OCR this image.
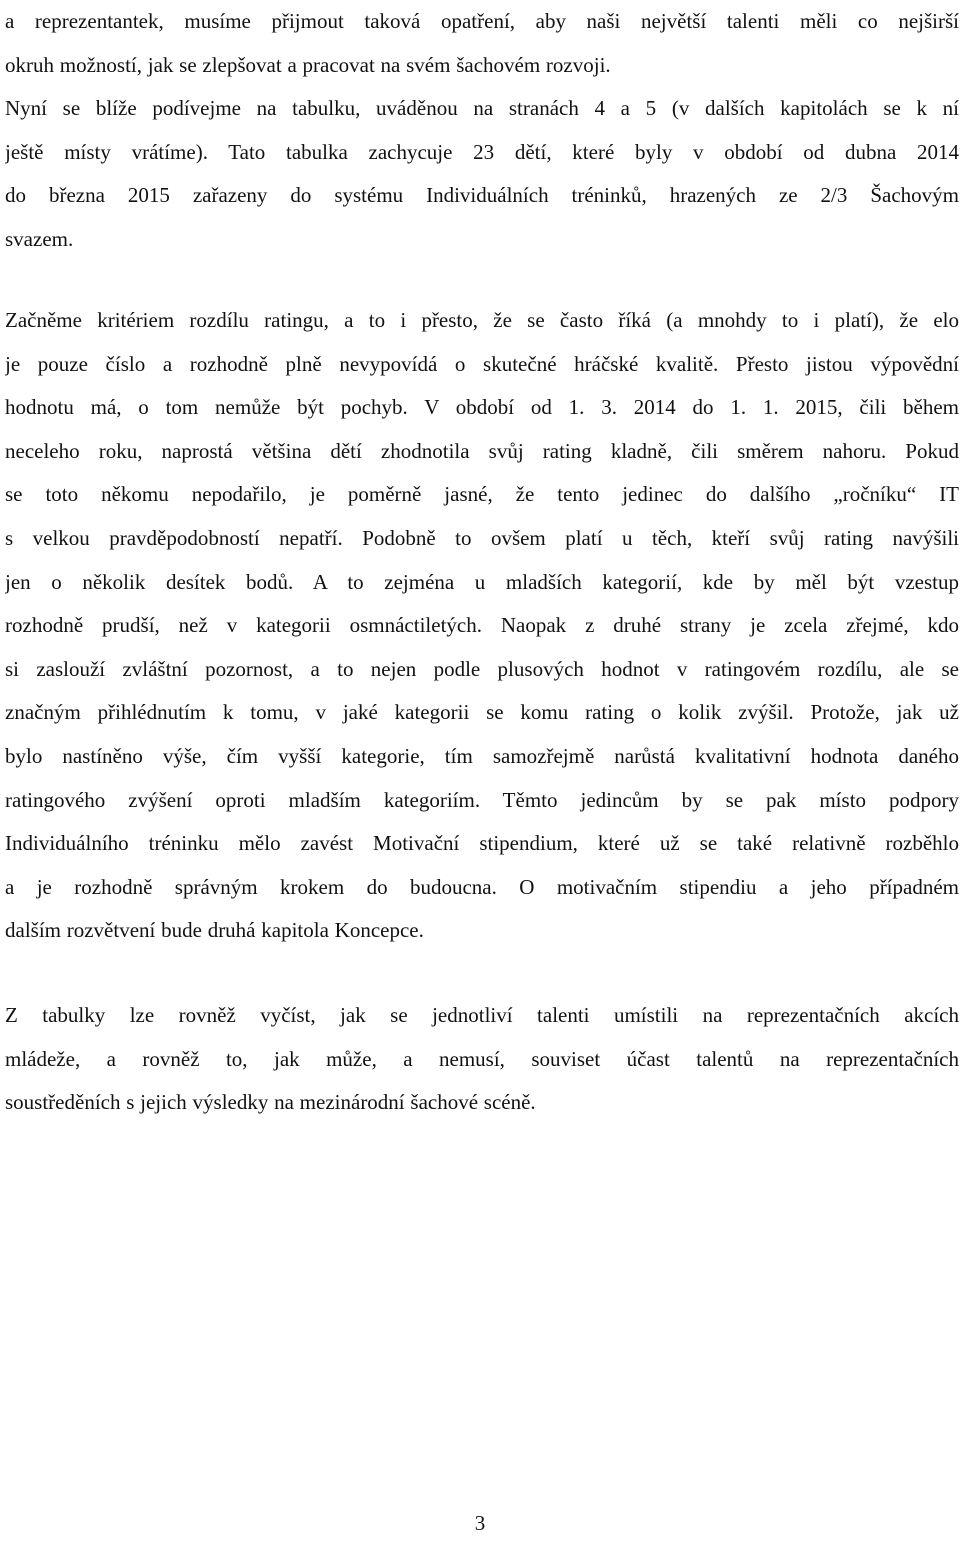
a reprezentantek, musíme přijmout taková opatření, aby naši největší talenti měli co nejširší
okruh možností, jak se zlepšovat a pracovat na svém šachovém rozvoji.
Nyní se blíže podívejme na tabulku, uváděnou na stranách 4 a 5 (v dalších kapitolách se k ní
ještě místy vrátíme). Tato tabulka zachycuje 23 dětí, které byly v období od dubna 2014
do března 2015 zařazeny do systému Individuálních tréninků, hrazených ze 2/3 Šachovým
svazem.
Začněme kritériem rozdílu ratingu, a to i přesto, že se často říká (a mnohdy to i platí), že elo
je pouze číslo a rozhodně plně nevypovídá o skutečné hráčské kvalitě. Přesto jistou výpovědní
hodnotu má, o tom nemůže být pochyb. V období od 1. 3. 2014 do 1. 1. 2015, čili během
neceleho roku, naprostá většina dětí zhodnotila svůj rating kladně, čili směrem nahoru. Pokud
se toto někomu nepodařilo, je poměrně jasné, že tento jedinec do dalšího „ročníku“ IT
s velkou pravděpodobností nepatří. Podobně to ovšem platí u těch, kteří svůj rating navýšili
jen o několik desítek bodů. A to zejména u mladších kategorií, kde by měl být vzestup
rozhodně prudší, než v kategorii osmnáctiletých. Naopak z druhé strany je zcela zřejmé, kdo
si zaslouží zvláštní pozornost, a to nejen podle plusových hodnot v ratingovém rozdílu, ale se
značným přihlédnutím k tomu, v jaké kategorii se komu rating o kolik zvýšil. Protože, jak už
bylo nastíněno výše, čím vyšší kategorie, tím samozřejmě narůstá kvalitativní hodnota daného
ratingového zvýšení oproti mladším kategoriím. Těmto jedincům by se pak místo podpory
Individuálního tréninku mělo zavést Motivační stipendium, které už se také relativně rozběhlo
a je rozhodně správným krokem do budoucna. O motivačním stipendiu a jeho případném
dalším rozvětvení bude druhá kapitola Koncepce.
Z tabulky lze rovněž vyčíst, jak se jednotliví talenti umístili na reprezentačních akcích
mládeže, a rovněž to, jak může, a nemusí, souviset účast talentů na reprezentačních
soustředěních s jejich výsledky na mezinárodní šachové scéně.
3
